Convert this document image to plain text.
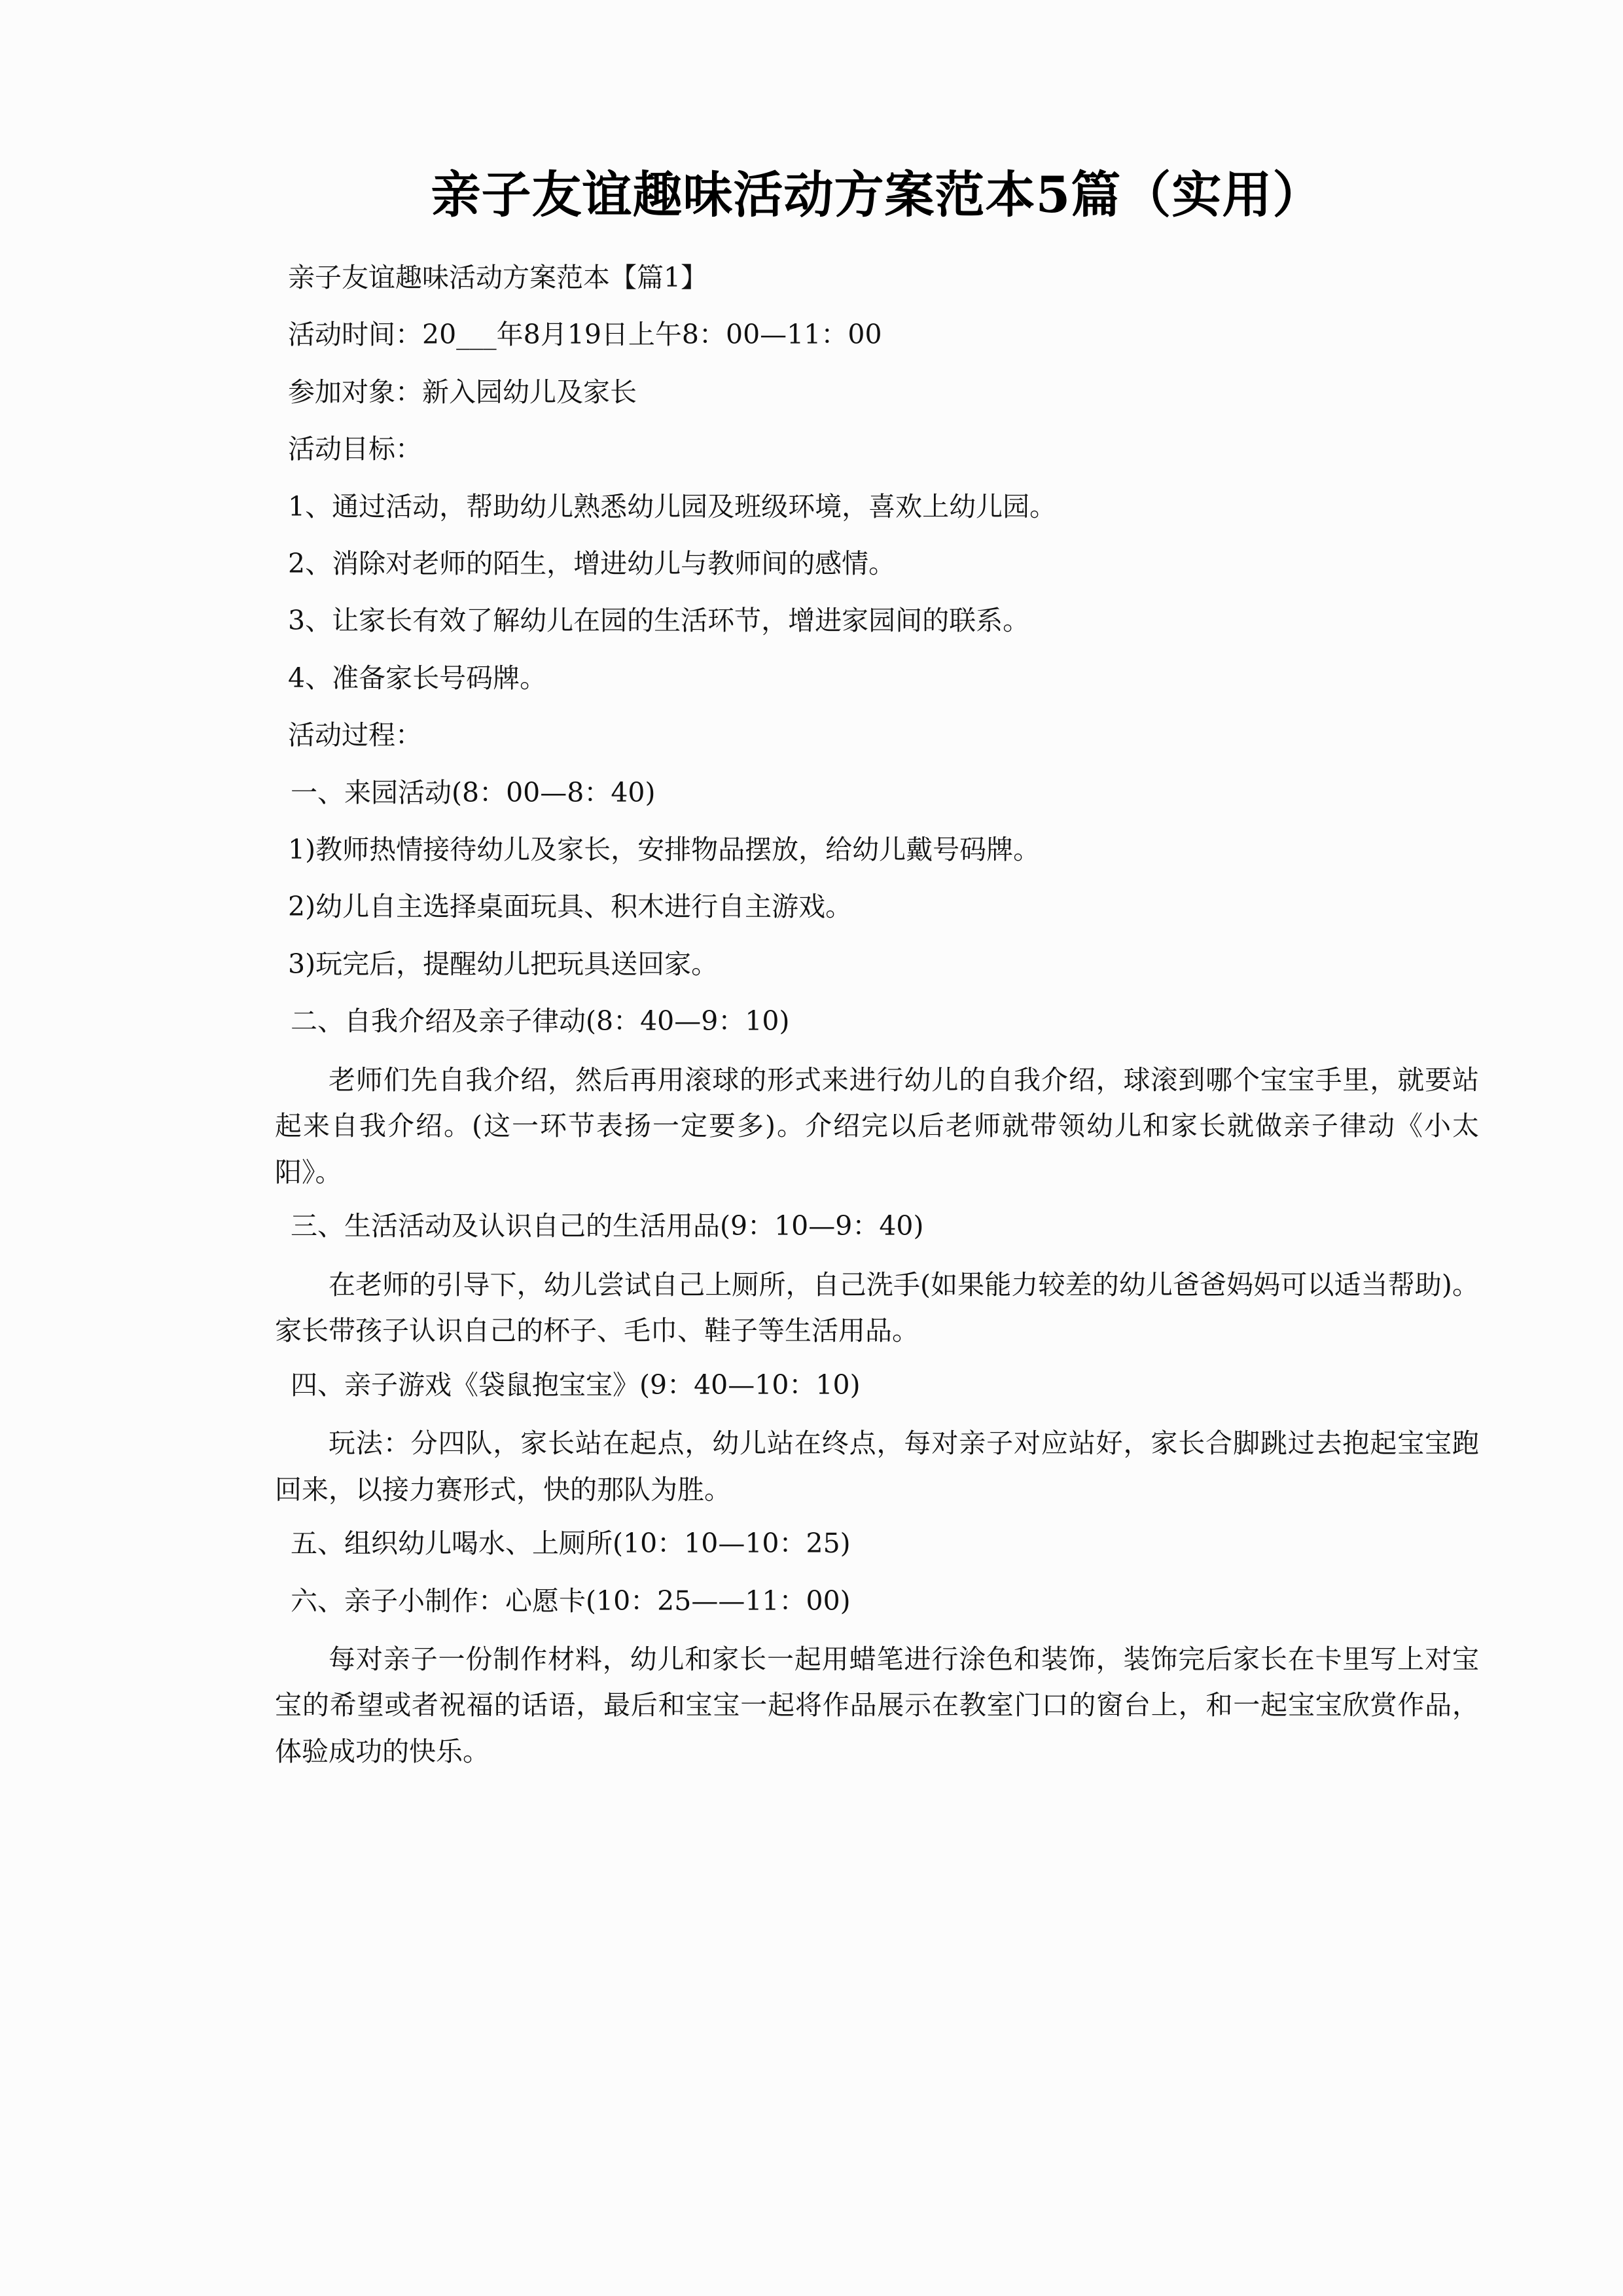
亲子友谊趣味活动方案范本5篇（实用）

亲子友谊趣味活动方案范本【篇1】

活动时间：20___年8月19日上午8：00—11：00

参加对象：新入园幼儿及家长

活动目标：

1、通过活动，帮助幼儿熟悉幼儿园及班级环境，喜欢上幼儿园。

2、消除对老师的陌生，增进幼儿与教师间的感情。

3、让家长有效了解幼儿在园的生活环节，增进家园间的联系。

4、准备家长号码牌。

活动过程：

一、来园活动(8：00—8：40)

1)教师热情接待幼儿及家长，安排物品摆放，给幼儿戴号码牌。

2)幼儿自主选择桌面玩具、积木进行自主游戏。

3)玩完后，提醒幼儿把玩具送回家。

二、自我介绍及亲子律动(8：40—9：10)

老师们先自我介绍，然后再用滚球的形式来进行幼儿的自我介绍，球滚到哪个宝宝手里，就要站起来自我介绍。(这一环节表扬一定要多)。介绍完以后老师就带领幼儿和家长就做亲子律动《小太阳》。

三、生活活动及认识自己的生活用品(9：10—9：40)

在老师的引导下，幼儿尝试自己上厕所，自己洗手(如果能力较差的幼儿爸爸妈妈可以适当帮助)。家长带孩子认识自己的杯子、毛巾、鞋子等生活用品。

四、亲子游戏《袋鼠抱宝宝》(9：40—10：10)

玩法：分四队，家长站在起点，幼儿站在终点，每对亲子对应站好，家长合脚跳过去抱起宝宝跑回来，以接力赛形式，快的那队为胜。

五、组织幼儿喝水、上厕所(10：10—10：25)

六、亲子小制作：心愿卡(10：25——11：00)

每对亲子一份制作材料，幼儿和家长一起用蜡笔进行涂色和装饰，装饰完后家长在卡里写上对宝宝的希望或者祝福的话语，最后和宝宝一起将作品展示在教室门口的窗台上，和一起宝宝欣赏作品，体验成功的快乐。
